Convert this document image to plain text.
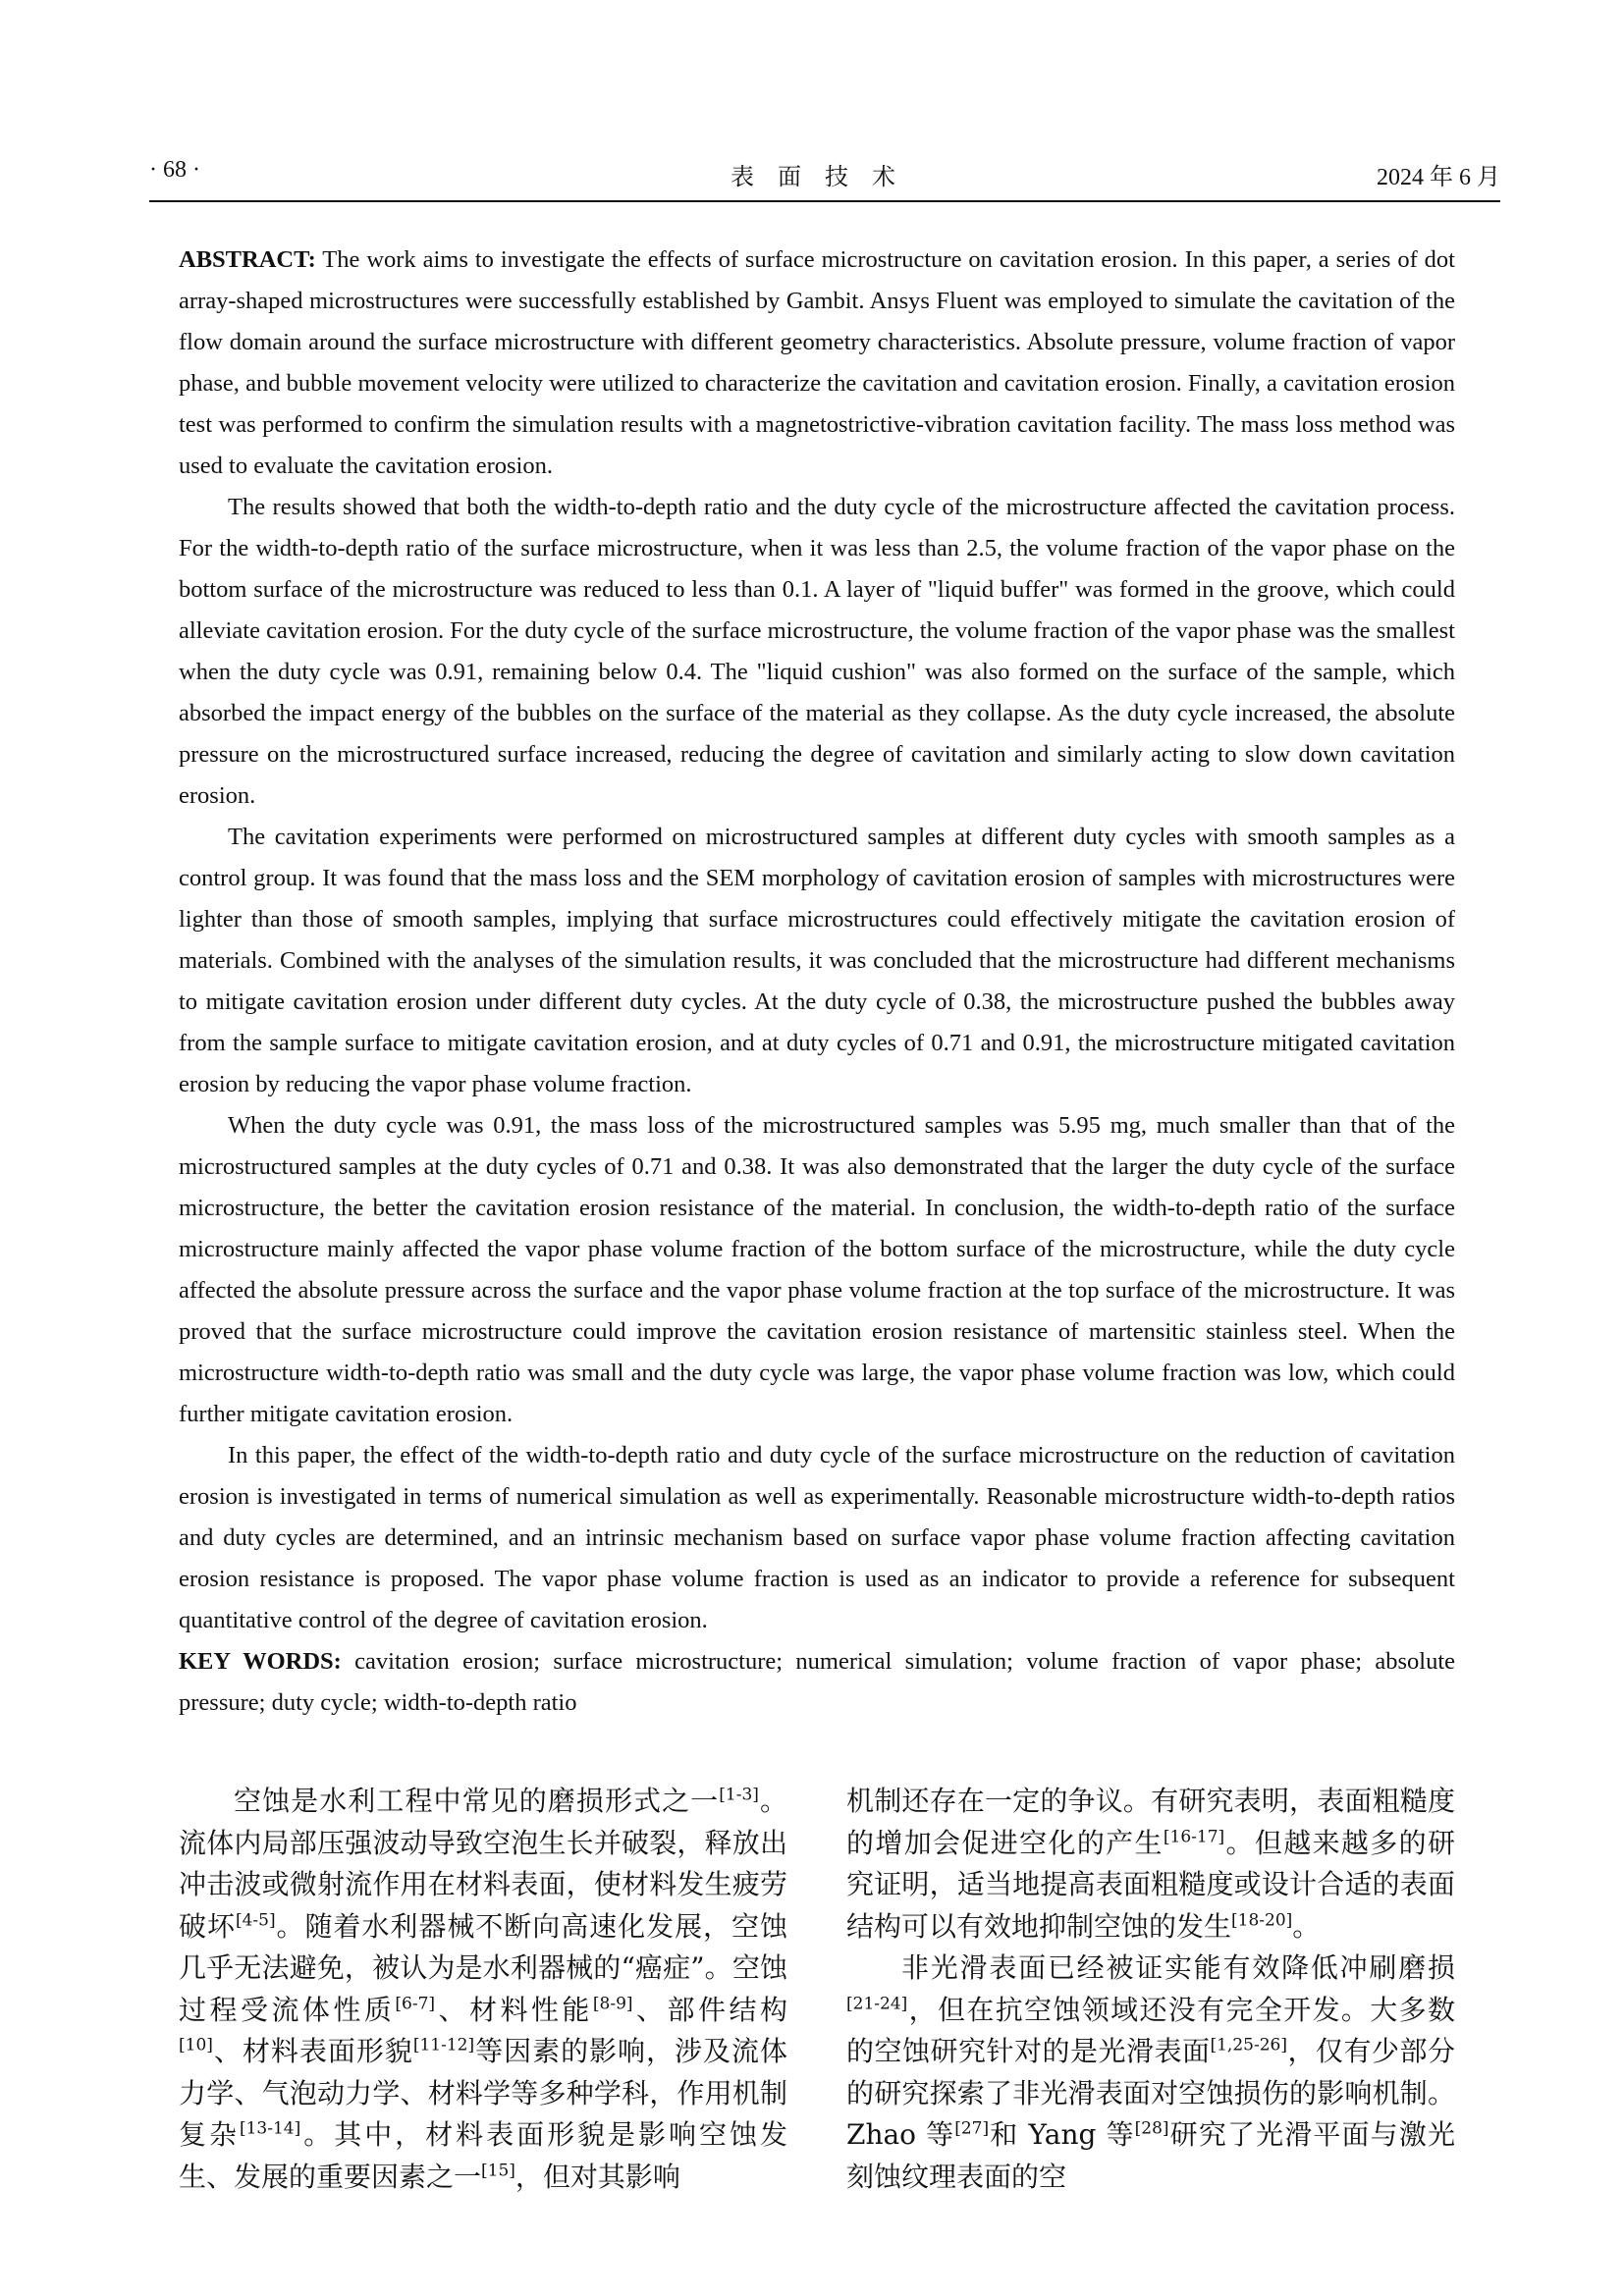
· 68 ·	表面技术	2024 年 6 月

ABSTRACT: The work aims to investigate the effects of surface microstructure on cavitation erosion. In this paper, a series of dot array-shaped microstructures were successfully established by Gambit. Ansys Fluent was employed to simulate the cavitation of the flow domain around the surface microstructure with different geometry characteristics. Absolute pressure, volume fraction of vapor phase, and bubble movement velocity were utilized to characterize the cavitation and cavitation erosion. Finally, a cavitation erosion test was performed to confirm the simulation results with a magnetostrictive-vibration cavitation facility. The mass loss method was used to evaluate the cavitation erosion.

The results showed that both the width-to-depth ratio and the duty cycle of the microstructure affected the cavitation process. For the width-to-depth ratio of the surface microstructure, when it was less than 2.5, the volume fraction of the vapor phase on the bottom surface of the microstructure was reduced to less than 0.1. A layer of "liquid buffer" was formed in the groove, which could alleviate cavitation erosion. For the duty cycle of the surface microstructure, the volume fraction of the vapor phase was the smallest when the duty cycle was 0.91, remaining below 0.4. The "liquid cushion" was also formed on the surface of the sample, which absorbed the impact energy of the bubbles on the surface of the material as they collapse. As the duty cycle increased, the absolute pressure on the microstructured surface increased, reducing the degree of cavitation and similarly acting to slow down cavitation erosion.

The cavitation experiments were performed on microstructured samples at different duty cycles with smooth samples as a control group. It was found that the mass loss and the SEM morphology of cavitation erosion of samples with microstructures were lighter than those of smooth samples, implying that surface microstructures could effectively mitigate the cavitation erosion of materials. Combined with the analyses of the simulation results, it was concluded that the microstructure had different mechanisms to mitigate cavitation erosion under different duty cycles. At the duty cycle of 0.38, the microstructure pushed the bubbles away from the sample surface to mitigate cavitation erosion, and at duty cycles of 0.71 and 0.91, the microstructure mitigated cavitation erosion by reducing the vapor phase volume fraction.

When the duty cycle was 0.91, the mass loss of the microstructured samples was 5.95 mg, much smaller than that of the microstructured samples at the duty cycles of 0.71 and 0.38. It was also demonstrated that the larger the duty cycle of the surface microstructure, the better the cavitation erosion resistance of the material. In conclusion, the width-to-depth ratio of the surface microstructure mainly affected the vapor phase volume fraction of the bottom surface of the microstructure, while the duty cycle affected the absolute pressure across the surface and the vapor phase volume fraction at the top surface of the microstructure. It was proved that the surface microstructure could improve the cavitation erosion resistance of martensitic stainless steel. When the microstructure width-to-depth ratio was small and the duty cycle was large, the vapor phase volume fraction was low, which could further mitigate cavitation erosion.

In this paper, the effect of the width-to-depth ratio and duty cycle of the surface microstructure on the reduction of cavitation erosion is investigated in terms of numerical simulation as well as experimentally. Reasonable microstructure width-to-depth ratios and duty cycles are determined, and an intrinsic mechanism based on surface vapor phase volume fraction affecting cavitation erosion resistance is proposed. The vapor phase volume fraction is used as an indicator to provide a reference for subsequent quantitative control of the degree of cavitation erosion.

KEY WORDS: cavitation erosion; surface microstructure; numerical simulation; volume fraction of vapor phase; absolute pressure; duty cycle; width-to-depth ratio

空蚀是水利工程中常见的磨损形式之一[1-3]。流体内局部压强波动导致空泡生长并破裂，释放出冲击波或微射流作用在材料表面，使材料发生疲劳破坏[4-5]。随着水利器械不断向高速化发展，空蚀几乎无法避免，被认为是水利器械的“癌症”。空蚀过程受流体性质[6-7]、材料性能[8-9]、部件结构[10]、材料表面形貌[11-12]等因素的影响，涉及流体力学、气泡动力学、材料学等多种学科，作用机制复杂[13-14]。其中，材料表面形貌是影响空蚀发生、发展的重要因素之一[15]，但对其影响

机制还存在一定的争议。有研究表明，表面粗糙度的增加会促进空化的产生[16-17]。但越来越多的研究证明，适当地提高表面粗糙度或设计合适的表面结构可以有效地抑制空蚀的发生[18-20]。

非光滑表面已经被证实能有效降低冲刷磨损[21-24]，但在抗空蚀领域还没有完全开发。大多数的空蚀研究针对的是光滑表面[1,25-26]，仅有少部分的研究探索了非光滑表面对空蚀损伤的影响机制。Zhao 等[27]和 Yang 等[28]研究了光滑平面与激光刻蚀纹理表面的空
